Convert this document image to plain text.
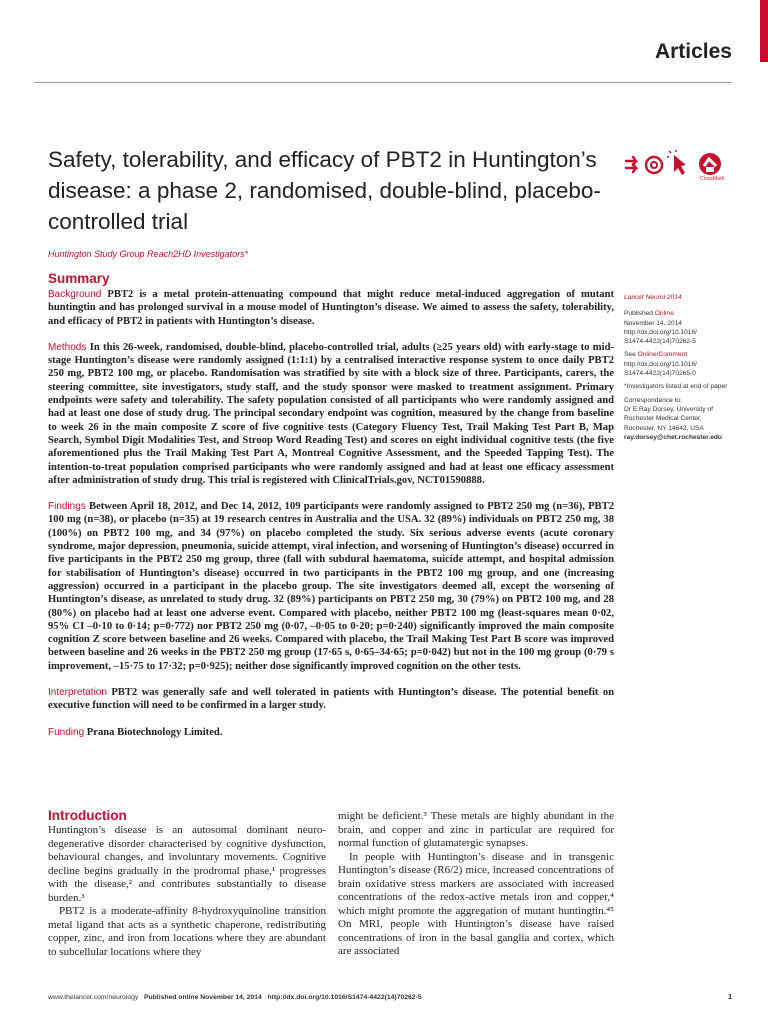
Articles
Safety, tolerability, and efficacy of PBT2 in Huntington’s disease: a phase 2, randomised, double-blind, placebo-controlled trial
CrossMark
Huntington Study Group Reach2HD Investigators*
Summary

Background PBT2 is a metal protein-attenuating compound that might reduce metal-induced aggregation of mutant huntingtin and has prolonged survival in a mouse model of Huntington’s disease. We aimed to assess the safety, tolerability, and efficacy of PBT2 in patients with Huntington’s disease.

Methods In this 26-week, randomised, double-blind, placebo-controlled trial, adults (≥25 years old) with early-stage to mid-stage Huntington’s disease were randomly assigned (1:1:1) by a centralised interactive response system to once daily PBT2 250 mg, PBT2 100 mg, or placebo. Randomisation was stratified by site with a block size of three. Participants, carers, the steering committee, site investigators, study staff, and the study sponsor were masked to treatment assignment. Primary endpoints were safety and tolerability. The safety population consisted of all participants who were randomly assigned and had at least one dose of study drug. The principal secondary endpoint was cognition, measured by the change from baseline to week 26 in the main composite Z score of five cognitive tests (Category Fluency Test, Trail Making Test Part B, Map Search, Symbol Digit Modalities Test, and Stroop Word Reading Test) and scores on eight individual cognitive tests (the five aforementioned plus the Trail Making Test Part A, Montreal Cognitive Assessment, and the Speeded Tapping Test). The intention-to-treat population comprised participants who were randomly assigned and had at least one efficacy assessment after administration of study drug. This trial is registered with ClinicalTrials.gov, NCT01590888.

Findings Between April 18, 2012, and Dec 14, 2012, 109 participants were randomly assigned to PBT2 250 mg (n=36), PBT2 100 mg (n=38), or placebo (n=35) at 19 research centres in Australia and the USA. 32 (89%) individuals on PBT2 250 mg, 38 (100%) on PBT2 100 mg, and 34 (97%) on placebo completed the study. Six serious adverse events (acute coronary syndrome, major depression, pneumonia, suicide attempt, viral infection, and worsening of Huntington’s disease) occurred in five participants in the PBT2 250 mg group, three (fall with subdural haematoma, suicide attempt, and hospital admission for stabilisation of Huntington’s disease) occurred in two participants in the PBT2 100 mg group, and one (increasing aggression) occurred in a participant in the placebo group. The site investigators deemed all, except the worsening of Huntington’s disease, as unrelated to study drug. 32 (89%) participants on PBT2 250 mg, 30 (79%) on PBT2 100 mg, and 28 (80%) on placebo had at least one adverse event. Compared with placebo, neither PBT2 100 mg (least-squares mean 0·02, 95% CI –0·10 to 0·14; p=0·772) nor PBT2 250 mg (0·07, –0·05 to 0·20; p=0·240) significantly improved the main composite cognition Z score between baseline and 26 weeks. Compared with placebo, the Trail Making Test Part B score was improved between baseline and 26 weeks in the PBT2 250 mg group (17·65 s, 0·65–34·65; p=0·042) but not in the 100 mg group (0·79 s improvement, –15·75 to 17·32; p=0·925); neither dose significantly improved cognition on the other tests.

Interpretation PBT2 was generally safe and well tolerated in patients with Huntington’s disease. The potential benefit on executive function will need to be confirmed in a larger study.

Funding Prana Biotechnology Limited.

Lancet Neurol 2014
Published Online
November 14, 2014
http://dx.doi.org/10.1016/
S1474-4422(14)70262-5
See Online/Comment
http://dx.doi.org/10.1016/
S1474-4422(14)70265-0
*Investigators listed at end of paper
Correspondence to:
Dr E Ray Dorsey, University of Rochester Medical Center, Rochester, NY 14642, USA
ray.dorsey@chet.rochester.edu
Introduction

Huntington’s disease is an autosomal dominant neuro-degenerative disorder characterised by cognitive dysfunction, behavioural changes, and involuntary movements. Cognitive decline begins gradually in the prodromal phase,¹ progresses with the disease,² and contributes substantially to disease burden.³

PBT2 is a moderate-affinity 8-hydroxyquinoline transition metal ligand that acts as a synthetic chaperone, redistributing copper, zinc, and iron from locations where they are abundant to subcellular locations where they

might be deficient.³ These metals are highly abundant in the brain, and copper and zinc in particular are required for normal function of glutamatergic synapses.

In people with Huntington’s disease and in transgenic Huntington’s disease (R6/2) mice, increased concentrations of brain oxidative stress markers are associated with increased concentrations of the redox-active metals iron and copper,⁴ which might promote the aggregation of mutant huntingtin.⁴⁵ On MRI, people with Huntington’s disease have raised concentrations of iron in the basal ganglia and cortex, which are associated

www.thelancet.com/neurology Published online November 14, 2014 http://dx.doi.org/10.1016/S1474-4422(14)70262-5	1
